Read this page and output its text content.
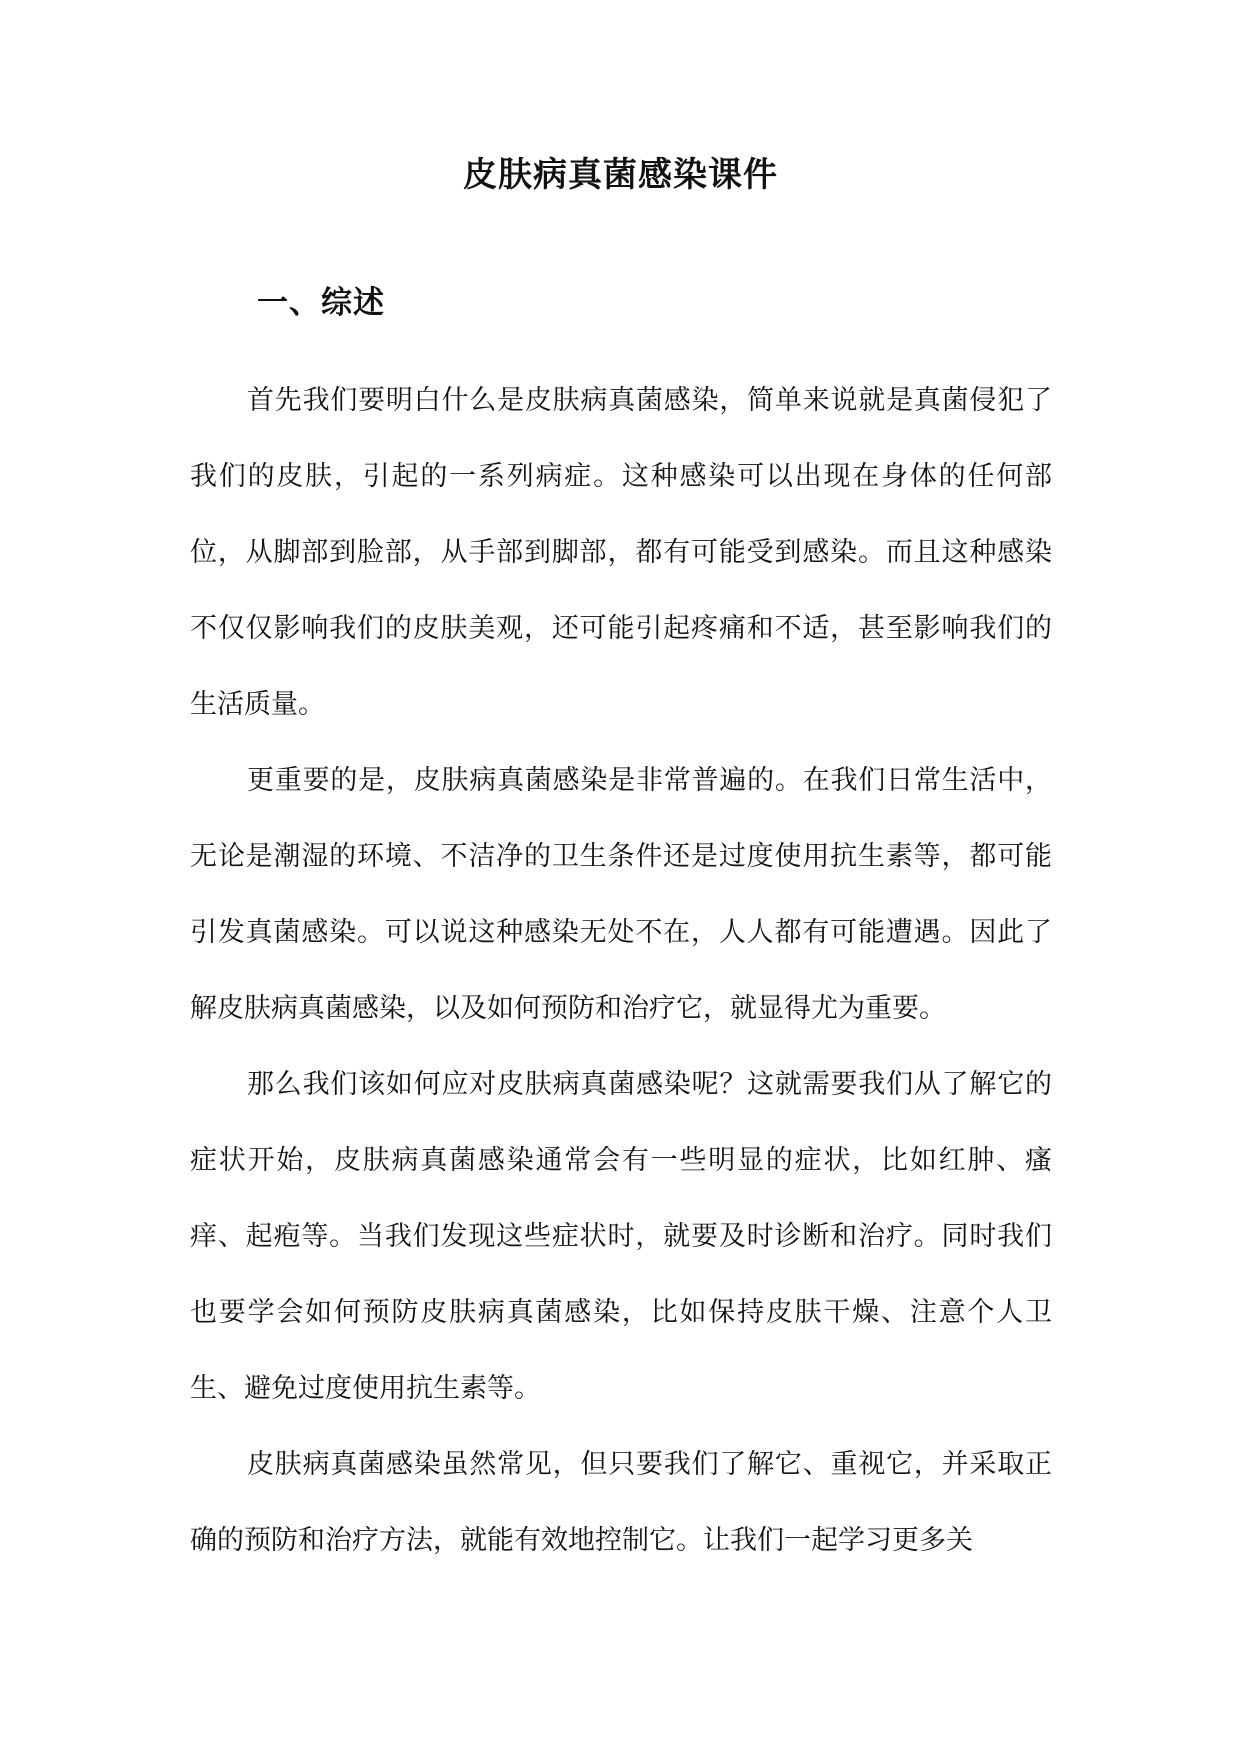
皮肤病真菌感染课件
一、综述

首先我们要明白什么是皮肤病真菌感染，简单来说就是真菌侵犯了我们的皮肤，引起的一系列病症。这种感染可以出现在身体的任何部位，从脚部到脸部，从手部到脚部，都有可能受到感染。而且这种感染不仅仅影响我们的皮肤美观，还可能引起疼痛和不适，甚至影响我们的生活质量。

更重要的是，皮肤病真菌感染是非常普遍的。在我们日常生活中，无论是潮湿的环境、不洁净的卫生条件还是过度使用抗生素等，都可能引发真菌感染。可以说这种感染无处不在，人人都有可能遭遇。因此了解皮肤病真菌感染，以及如何预防和治疗它，就显得尤为重要。

那么我们该如何应对皮肤病真菌感染呢？这就需要我们从了解它的症状开始，皮肤病真菌感染通常会有一些明显的症状，比如红肿、瘙痒、起疱等。当我们发现这些症状时，就要及时诊断和治疗。同时我们也要学会如何预防皮肤病真菌感染，比如保持皮肤干燥、注意个人卫生、避免过度使用抗生素等。

皮肤病真菌感染虽然常见，但只要我们了解它、重视它，并采取正确的预防和治疗方法，就能有效地控制它。让我们一起学习更多关
